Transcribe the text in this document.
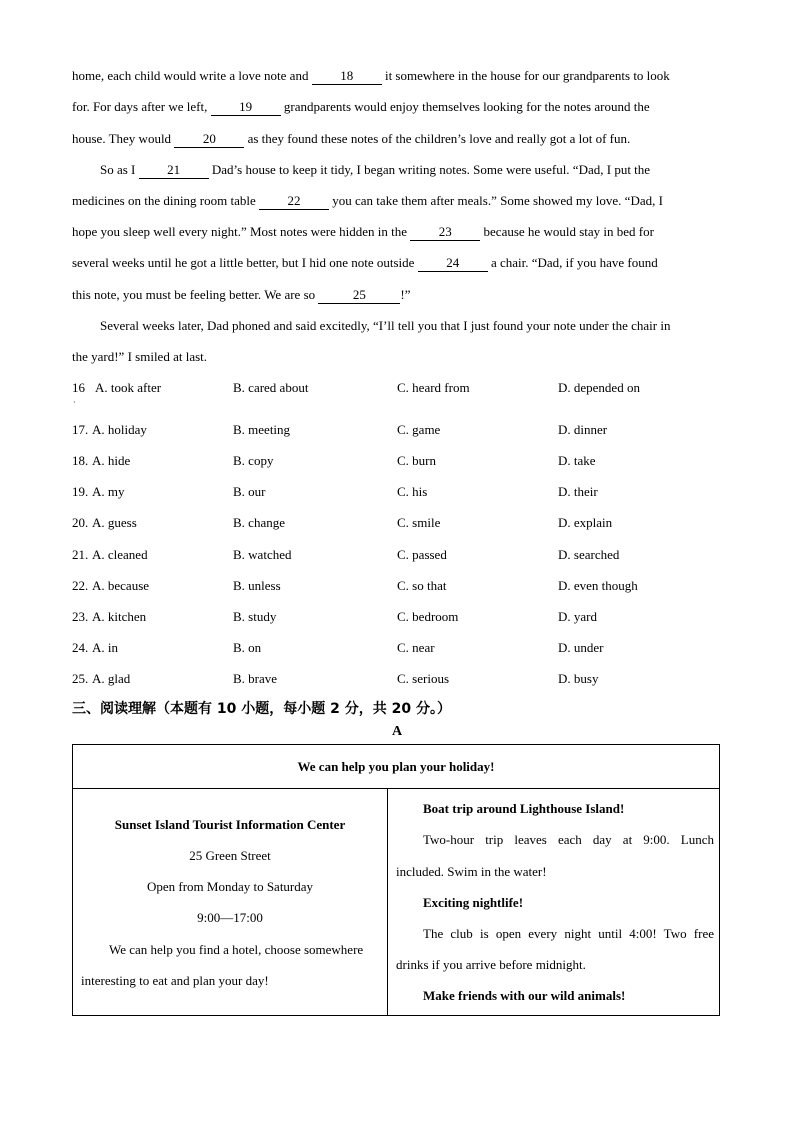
home, each child would write a love note and 18 it somewhere in the house for our grandparents to look
for. For days after we left, 19 grandparents would enjoy themselves looking for the notes around the
house. They would 20 as they found these notes of the children’s love and really got a lot of fun.
So as I 21 Dad’s house to keep it tidy, I began writing notes. Some were useful. “Dad, I put the
medicines on the dining room table 22 you can take them after meals.” Some showed my love. “Dad, I
hope you sleep well every night.” Most notes were hidden in the 23 because he would stay in bed for
several weeks until he got a little better, but I hid one note outside 24 a chair. “Dad, if you have found
this note, you must be feeling better. We are so	25	!”
Several weeks later, Dad phoned and said excitedly, “I’ll tell you that I just found your note under the chair in
the yard!” I smiled at last.
16 A. took after	B. cared about	C. heard from	D. depended on
·
17. A. holiday	B. meeting	C. game	D. dinner
18. A. hide	B. copy	C. burn	D. take
19. A. my	B. our	C. his	D. their
20. A. guess	B. change	C. smile	D. explain
21. A. cleaned	B. watched	C. passed	D. searched
22. A. because	B. unless	C. so that	D. even though
23. A. kitchen	B. study	C. bedroom	D. yard
24. A. in	B. on	C. near	D. under
25. A. glad	B. brave	C. serious	D. busy
三、阅读理解（本题有 10 小题，每小题 2 分，共 20 分。）
A
We can help you plan your holiday!
Sunset Island Tourist Information Center
25 Green Street
Open from Monday to Saturday
9:00—17:00
We can help you find a hotel, choose somewhere
interesting to eat and plan your day!
Boat trip around Lighthouse Island!
Two-hour trip leaves each day at 9:00. Lunch
included. Swim in the water!
Exciting nightlife!
The club is open every night until 4:00! Two free
drinks if you arrive before midnight.
Make friends with our wild animals!
